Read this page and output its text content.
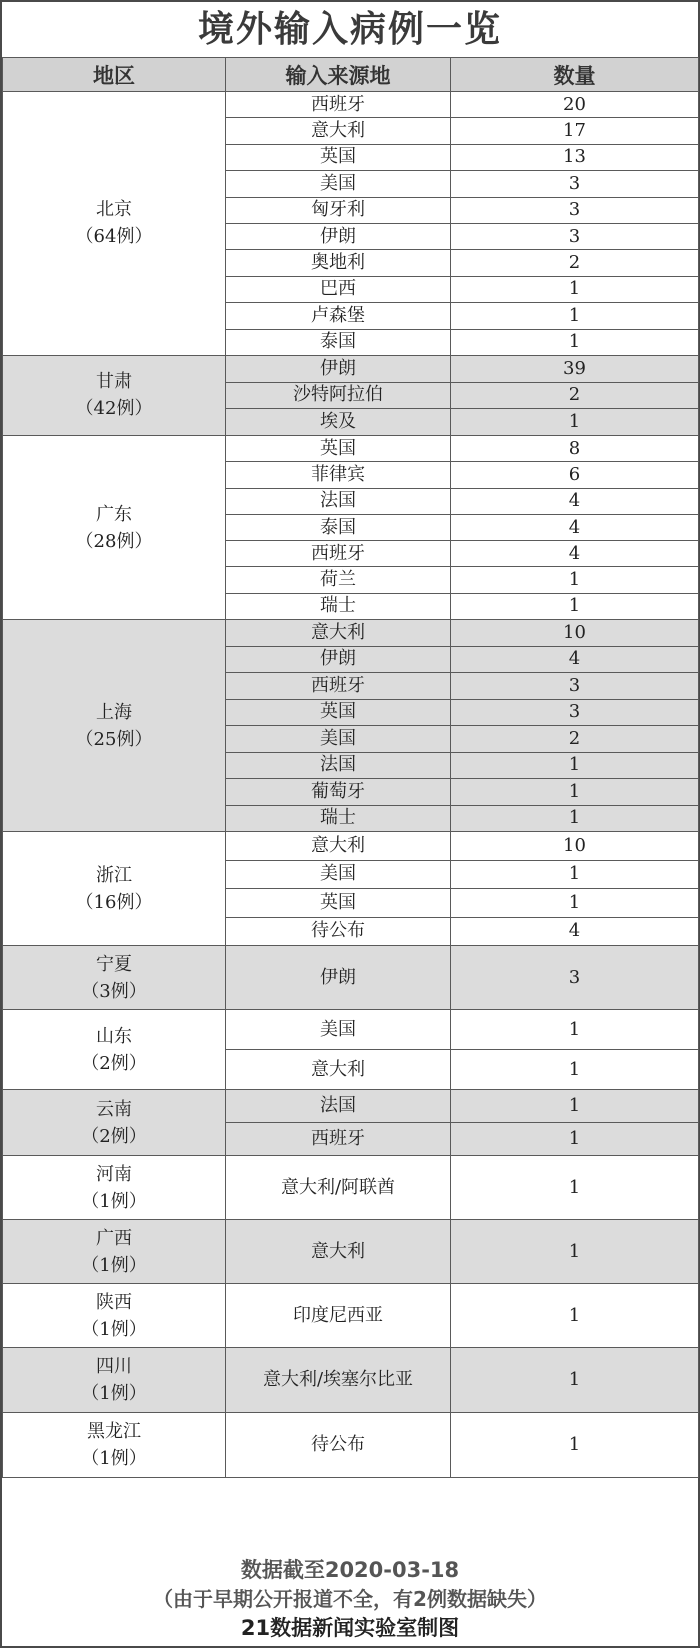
境外输入病例一览
地区	输入来源地	数量

北京
（64例）	西班牙	20
	意大利	17
	英国	13
	美国	3
	匈牙利	3
	伊朗	3
	奥地利	2
	巴西	1
	卢森堡	1
	泰国	1

甘肃
（42例）	伊朗	39
	沙特阿拉伯	2
	埃及	1

广东
（28例）	英国	8
	菲律宾	6
	法国	4
	泰国	4
	西班牙	4
	荷兰	1
	瑞士	1

上海
（25例）	意大利	10
	伊朗	4
	西班牙	3
	英国	3
	美国	2
	法国	1
	葡萄牙	1
	瑞士	1

浙江
（16例）	意大利	10
	美国	1
	英国	1
	待公布	4

宁夏
（3例）	伊朗	3

山东
（2例）	美国	1
	意大利	1

云南
（2例）	法国	1
	西班牙	1

河南
（1例）	意大利/阿联酋	1

广西
（1例）	意大利	1

陕西
（1例）	印度尼西亚	1

四川
（1例）	意大利/埃塞尔比亚	1

黑龙江
（1例）	待公布	1
数据截至2020-03-18
（由于早期公开报道不全，有2例数据缺失）
21数据新闻实验室制图
